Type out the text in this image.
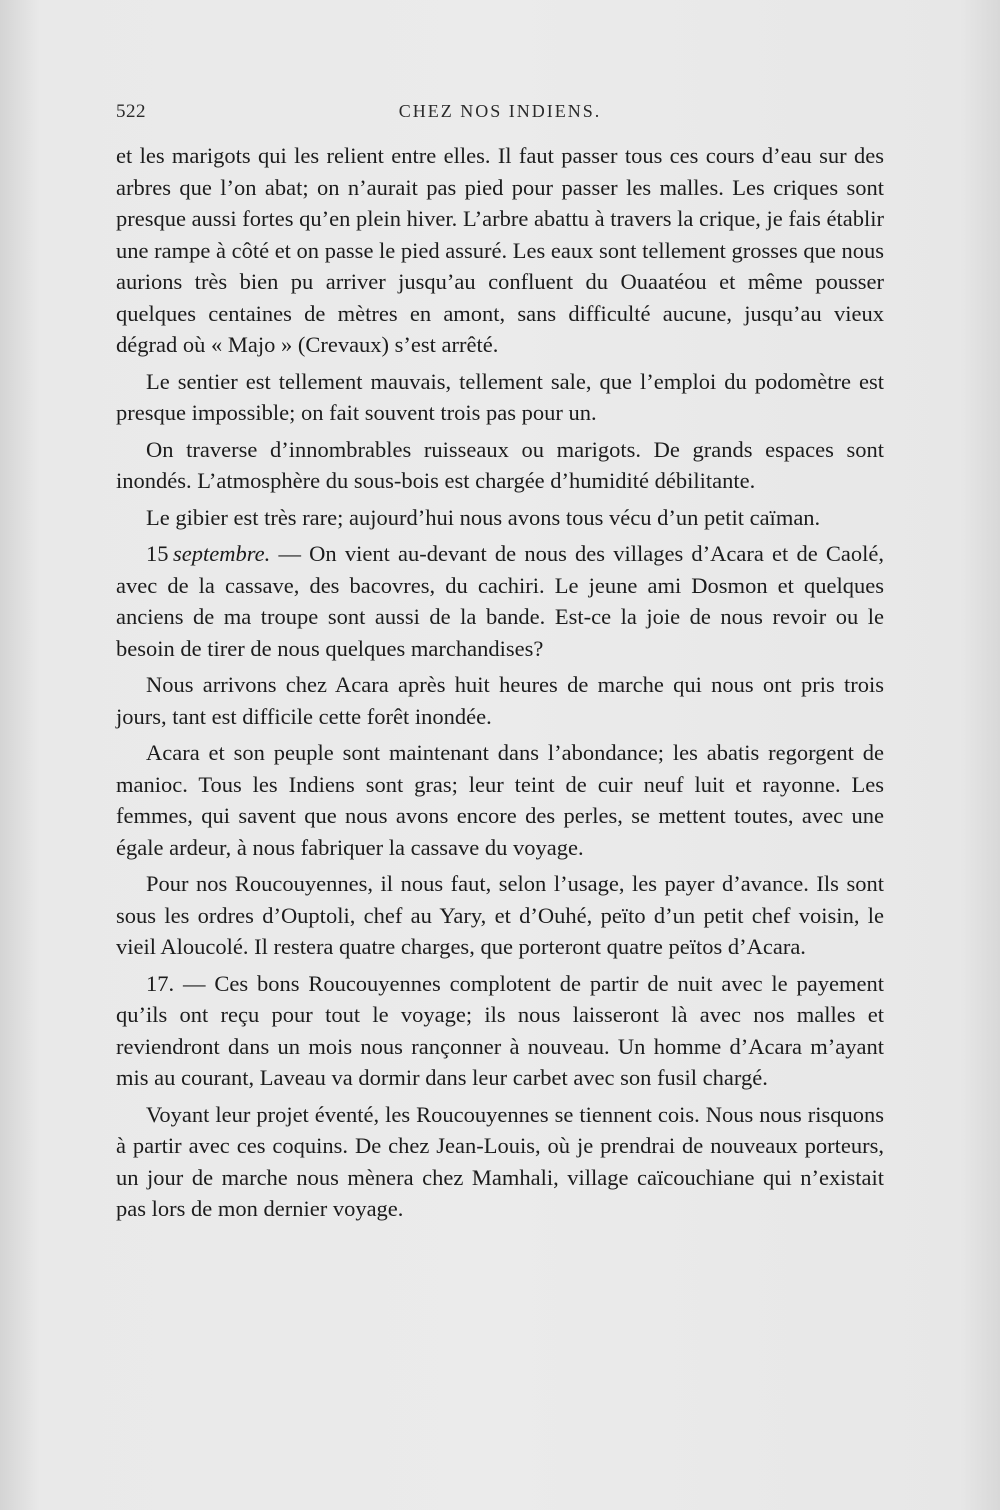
522	CHEZ NOS INDIENS.

et les marigots qui les relient entre elles. Il faut passer tous ces cours d’eau sur des arbres que l’on abat; on n’aurait pas pied pour passer les malles. Les criques sont presque aussi fortes qu’en plein hiver. L’arbre abattu à travers la crique, je fais établir une rampe à côté et on passe le pied assuré. Les eaux sont tellement grosses que nous aurions très bien pu arriver jusqu’au confluent du Ouaatéou et même pousser quelques centaines de mètres en amont, sans difficulté aucune, jusqu’au vieux dégrad où « Majo » (Crevaux) s’est arrêté.

Le sentier est tellement mauvais, tellement sale, que l’emploi du podomètre est presque impossible; on fait souvent trois pas pour un.

On traverse d’innombrables ruisseaux ou marigots. De grands espaces sont inondés. L’atmosphère du sous-bois est chargée d’humidité débilitante.

Le gibier est très rare; aujourd’hui nous avons tous vécu d’un petit caïman.

15  septembre. — On vient au-devant de nous des villages d’Acara et de Caolé, avec de la cassave, des bacovres, du cachiri. Le jeune ami Dosmon et quelques anciens de ma troupe sont aussi de la bande. Est-ce la joie de nous revoir ou le besoin de tirer de nous quelques marchandises?

Nous arrivons chez Acara après huit heures de marche qui nous ont pris trois jours, tant est difficile cette forêt inondée.

Acara et son peuple sont maintenant dans l’abondance; les abatis regorgent de manioc. Tous les Indiens sont gras; leur teint de cuir neuf luit et rayonne. Les femmes, qui savent que nous avons encore des perles, se mettent toutes, avec une égale ardeur, à nous fabriquer la cassave du voyage.

Pour nos Roucouyennes, il nous faut, selon l’usage, les payer d’avance. Ils sont sous les ordres d’Ouptoli, chef au Yary, et d’Ouhé, peïto d’un petit chef voisin, le vieil Aloucolé. Il restera quatre charges, que porteront quatre peïtos d’Acara.

17. — Ces bons Roucouyennes complotent de partir de nuit avec le payement qu’ils ont reçu pour tout le voyage; ils nous laisseront là avec nos malles et reviendront dans un mois nous rançonner à nouveau. Un homme d’Acara m’ayant mis au courant, Laveau va dormir dans leur carbet avec son fusil chargé.

Voyant leur projet éventé, les Roucouyennes se tiennent cois. Nous nous risquons à partir avec ces coquins. De chez Jean-Louis, où je prendrai de nouveaux porteurs, un jour de marche nous mènera chez Mamhali, village caïcouchiane qui n’existait pas lors de mon dernier voyage.
